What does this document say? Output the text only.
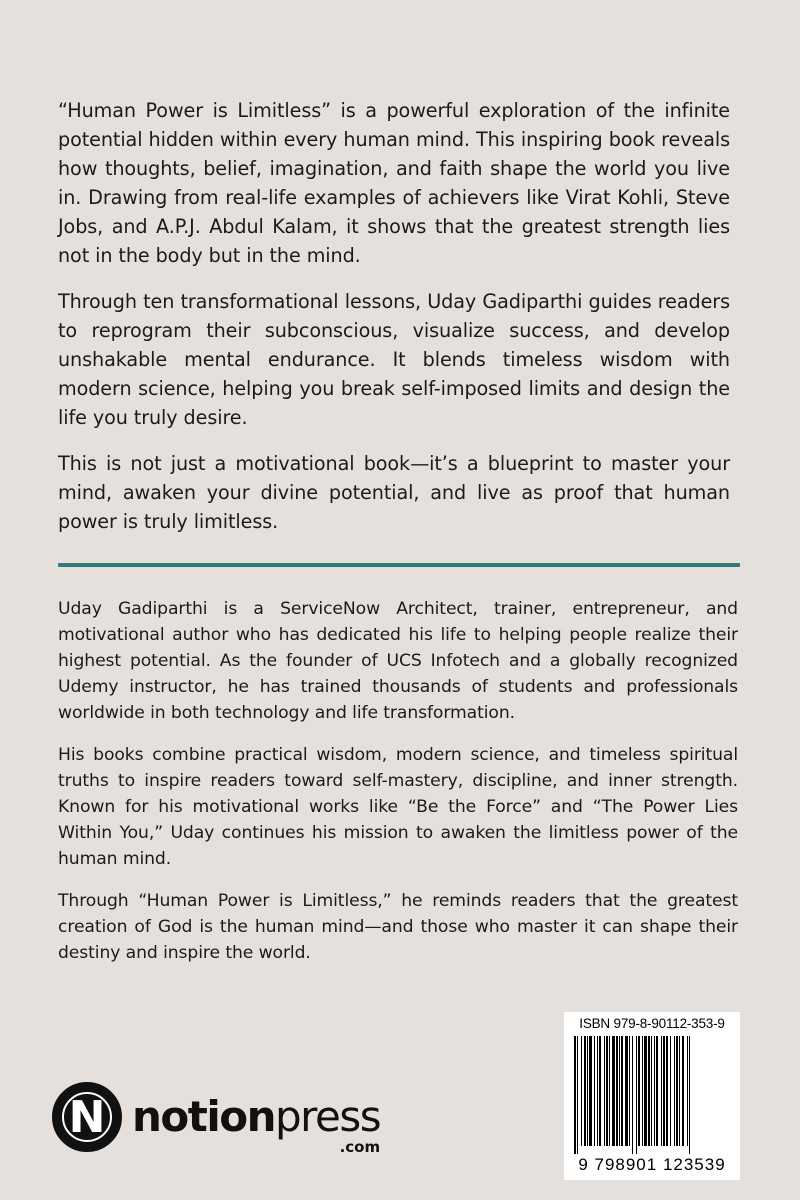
“Human Power is Limitless” is a powerful exploration of the infinite potential hidden within every human mind. This inspiring book reveals how thoughts, belief, imagination, and faith shape the world you live in. Drawing from real-life examples of achievers like Virat Kohli, Steve Jobs, and A.P.J. Abdul Kalam, it shows that the greatest strength lies not in the body but in the mind.

Through ten transformational lessons, Uday Gadiparthi guides readers to reprogram their subconscious, visualize success, and develop unshakable mental endurance. It blends timeless wisdom with modern science, helping you break self-imposed limits and design the life you truly desire.

This is not just a motivational book—it’s a blueprint to master your mind, awaken your divine potential, and live as proof that human power is truly limitless.

Uday Gadiparthi is a ServiceNow Architect, trainer, entrepreneur, and motivational author who has dedicated his life to helping people realize their highest potential. As the founder of UCS Infotech and a globally recognized Udemy instructor, he has trained thousands of students and professionals worldwide in both technology and life transformation.

His books combine practical wisdom, modern science, and timeless spiritual truths to inspire readers toward self-mastery, discipline, and inner strength. Known for his motivational works like “Be the Force” and “The Power Lies Within You,” Uday continues his mission to awaken the limitless power of the human mind.

Through “Human Power is Limitless,” he reminds readers that the greatest creation of God is the human mind—and those who master it can shape their destiny and inspire the world.

N notionpress
.com
ISBN 979-8-90112-353-9
9 798901 123539
